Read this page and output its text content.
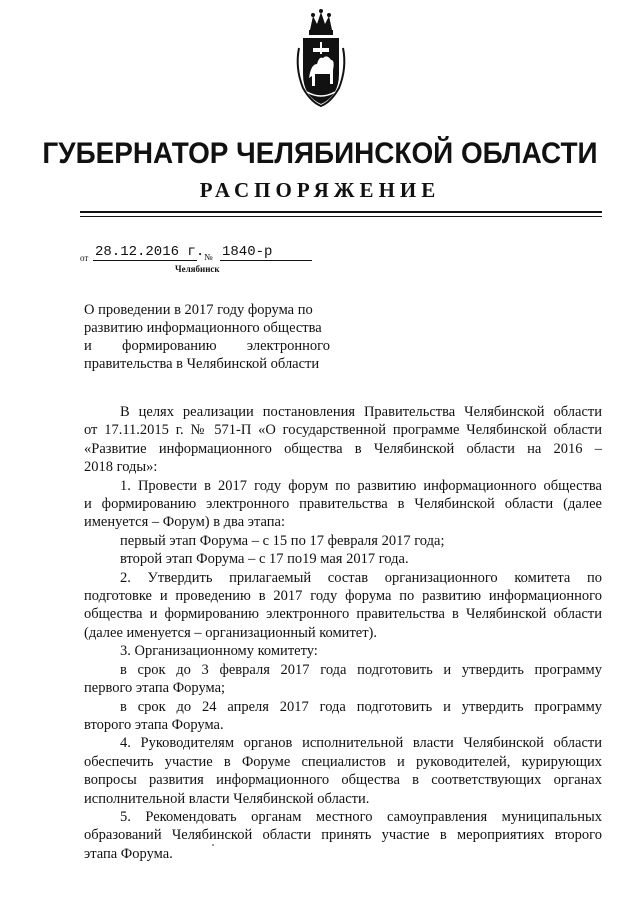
ГУБЕРНАТОР ЧЕЛЯБИНСКОЙ ОБЛАСТИ
РАСПОРЯЖЕНИЕ
от 28.12.2016 г. № 1840-р
Челябинск
О проведении в 2017 году форума по
развитию информационного общества
и формированию электронного
правительства в Челябинской области
В целях реализации постановления Правительства Челябинской области
от 17.11.2015 г. № 571-П «О государственной программе Челябинской области
«Развитие информационного общества в Челябинской области на 2016 –
2018 годы»:
1. Провести в 2017 году форум по развитию информационного общества
и формированию электронного правительства в Челябинской области (далее
именуется – Форум) в два этапа:
первый этап Форума – с 15 по 17 февраля 2017 года;
второй этап Форума – с 17 по19 мая 2017 года.
2. Утвердить прилагаемый состав организационного комитета по
подготовке и проведению в 2017 году форума по развитию информационного
общества и формированию электронного правительства в Челябинской области
(далее именуется – организационный комитет).
3. Организационному комитету:
в срок до 3 февраля 2017 года подготовить и утвердить программу
первого этапа Форума;
в срок до 24 апреля 2017 года подготовить и утвердить программу
второго этапа Форума.
4. Руководителям органов исполнительной власти Челябинской области
обеспечить участие в Форуме специалистов и руководителей, курирующих
вопросы развития информационного общества в соответствующих органах
исполнительной власти Челябинской области.
5. Рекомендовать органам местного самоуправления муниципальных
образований Челябинской области принять участие в мероприятиях второго
этапа Форума.
